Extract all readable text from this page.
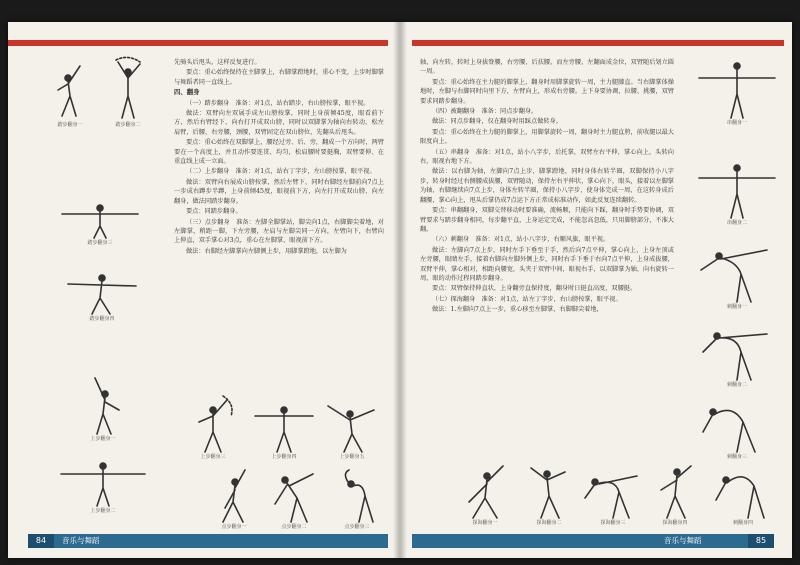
踏步翻身一	踏步翻身二
踏步翻身三
踏步翻身四
上步翻身一
上步翻身二
上步翻身三	上步翻身四	上步翻身五
点步翻身一	点步翻身二	点步翻身三

先骑头后甩头，这样反复进行。

要点：重心始终保持在主脚掌上，右脚掌蹬地时，重心不变，上步时脚掌与舞蹈者同一直线上。

四、翻身

（一）踏步翻身　准备：对1点，站右踏步，右山膀按掌，眼平视。

做法：双臂向左双展手成左山膀按掌，同时上身前倾45度，眼看前下方，然后右臂经下、向右打开成双山膀，同时以双脚掌为轴向右转动，松左肩臂，后腰、右旁腰，颈腰，双臂固定在双山膀位，先翻头后甩头。

要点：重心始终在双脚掌上，腰经过旁、后、旁，翻成一个方向时，两臂要在一个高度上，并且动作要连贯、均匀，松肩腰时要挺胸，双臂要伸、在重直线上成一立面。

（二）上步翻身　准备：对1点，站右丁字步，左山膀按掌，眼平视。

做法：双臂向右展成山膀按掌，然后左臂下，同时右脚经左脚前向7点上一步成右蹲步半蹲，上身前倾45度，眼视前下方，向左打开成双山膀，向左翻身，做法同踏步翻身。

要点：同踏步翻身。

（三）点步翻身　准备：左脚全脚掌站，脚尖向1点，右脚脚尖着地，对左脚掌，稍距一脚，下左旁腰，左肩与左脚尖同一方向，左臂向下，右臂向上伸直，双手掌心对3点，重心在左脚掌，眼视前下方。

做法：右脚经左脚掌向左脚侧上步，用脚掌蹬地，以左脚为

84	音乐与舞蹈

轴，向左转，转时上身拔脊腰，右旁腰，后扶腰，而左旁腰，左翻面成金位，双臂随后划立圆一周。

要点：重心始终在主力腿的脚掌上，翻身时用脚掌旋转一周，主力腿膝直。当右脚掌体操地时，左脚与右脚同时向里下方，左臂向上，形成右旁腰。上下身要协调，拉腰、挑腰，双臂要求同踏步翻身。

（四）被翻翻身　准备：同点步翻身。

做法：同点步翻身，仅在翻身时用踩点做转身。

要点：重心始终在主力腿的脚掌上，用脚掌旋转一周，翻身时主力腿直胯，前收腿以最大限度向上。

（五）串翻身　准备：对1点，站小八字步，后托掌，双臂左右平伸，掌心向上，头转向右，眼视右地下方。

做法：以右脚为轴，左脚向7点上步，脚掌蹬地，同时身体右转半圈，双脚保持小八字步，转身时经过右侧腰成拔腰，双臂随动，保持左右平伸状，掌心向下，眼头，接着以左脚掌为轴，右脚继续向7点上步，身体左转半圈，保持小八字步，使身体完成一周，在这转身成后翻腰，掌心向上，甩头后掌仍成7点运下方正常成标准动作，如此反复连续翻转。

要点：串翻翻身，双脚交替移动时要准确，流畅顺，只能向下踩，翻身时手势要协调，双臂要求与踏步翻身相同，每步翻平直，上身运定完成，不能忽高忽低，只用脚膀部分，不准大翻。

（六）刺翻身　准备：对1点，站小八字步，右顺风旗，眼平视。

做法：左脚向7点上步，同时左手下垂至于手，然后向7点平伸，掌心向上，上身左顶或左旁腰，眼睛左手，接着右脚向左脚外侧上步，同时右手下垂于右向7点平伸，上身成拔腰，双臂平伸，掌心相对，相距向腰宽，头夹于双臂中间，眼视右手，以双脚掌为轴，向右旋转一周，眼的动作过程同踏步翻身。

要点：双臂保持伸直状，上身翻旁直保持度，翻身时日挺直高度，双腰挺。

（七）探海翻身　准备：对1点，站左丁字步，右山膀按掌，眼平视。

做法：1.左脚向7点上一步，重心移至左脚掌，右脚脚尖着地，

串翻身一
串翻身二
刺翻身一
刺翻身二
刺翻身三
探海翻身一	探海翻身二	探海翻身三	探海翻身四	刺翻身四
音乐与舞蹈	85
